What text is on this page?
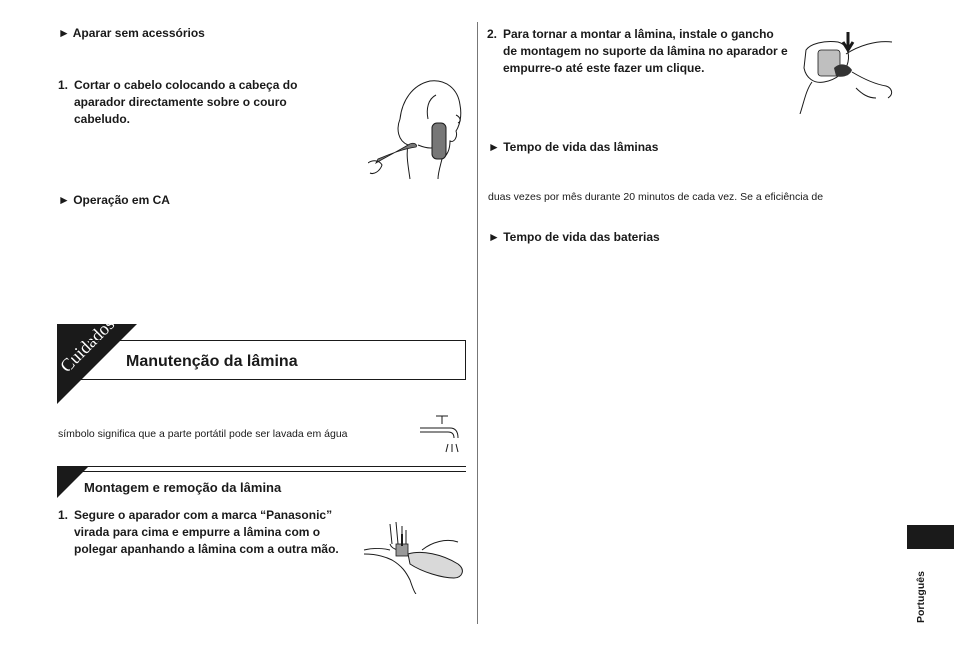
► Aparar sem acessórios
1. Cortar o cabelo colocando a cabeça do aparador directamente sobre o couro cabeludo.
► Operação em CA
Cuidados Manutenção da lâmina
símbolo significa que a parte portátil pode ser lavada em água
Montagem e remoção da lâmina
1. Segure o aparador com a marca “Panasonic” virada para cima e empurre a lâmina com o polegar apanhando a lâmina com a outra mão.
2. Para tornar a montar a lâmina, instale o gancho de montagem no suporte da lâmina no aparador e empurre-o até este fazer um clique.
► Tempo de vida das lâminas
duas vezes por mês durante 20 minutos de cada vez. Se a eficiência de
► Tempo de vida das baterias
Português
